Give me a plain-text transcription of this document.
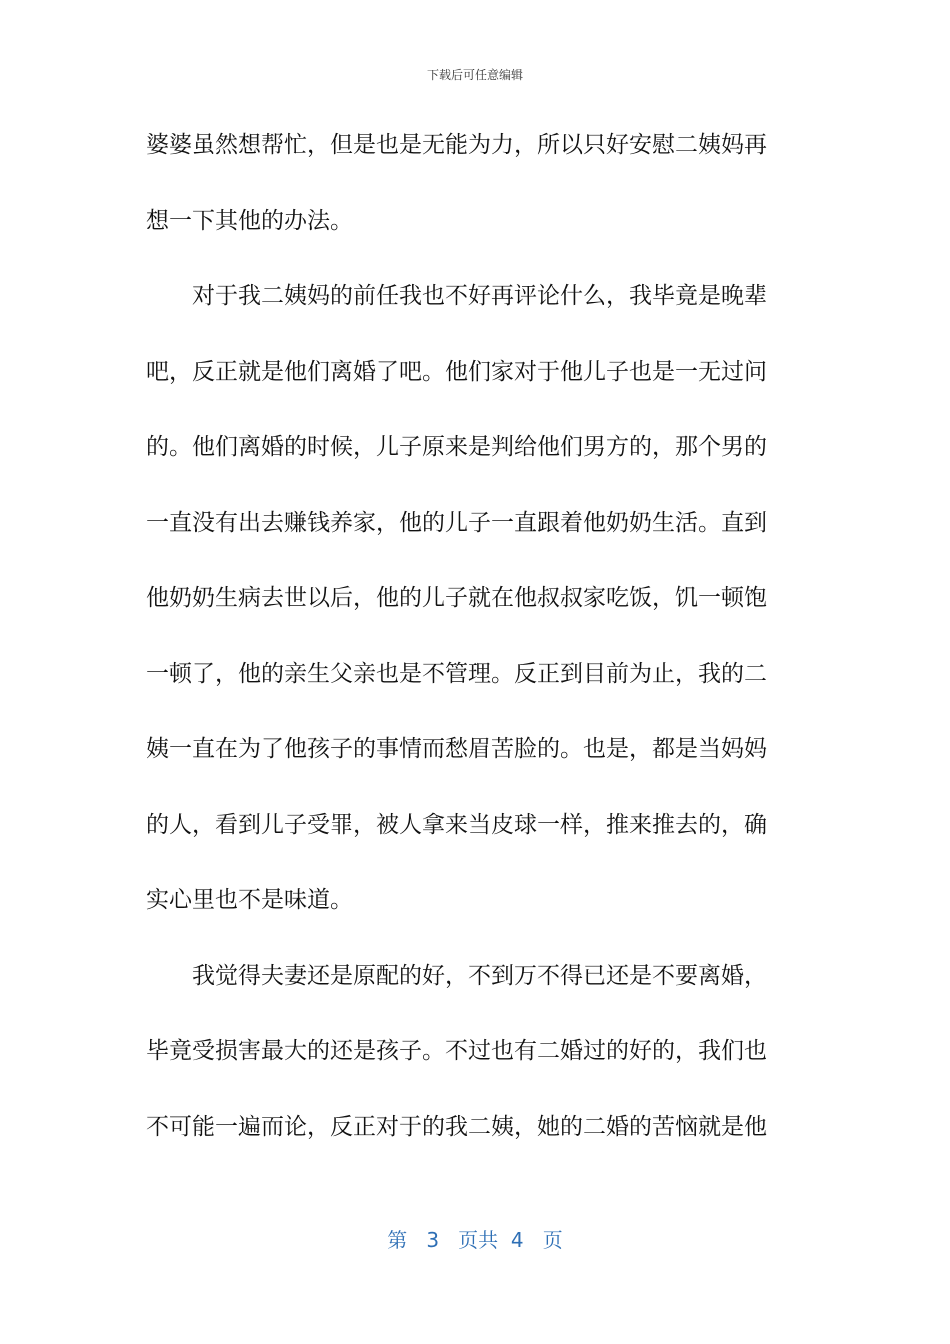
下载后可任意编辑
婆婆虽然想帮忙，但是也是无能为力，所以只好安慰二姨妈再
想一下其他的办法。
对于我二姨妈的前任我也不好再评论什么，我毕竟是晚辈
吧，反正就是他们离婚了吧。他们家对于他儿子也是一无过问
的。他们离婚的时候，儿子原来是判给他们男方的，那个男的
一直没有出去赚钱养家，他的儿子一直跟着他奶奶生活。直到
他奶奶生病去世以后，他的儿子就在他叔叔家吃饭，饥一顿饱
一顿了，他的亲生父亲也是不管理。反正到目前为止，我的二
姨一直在为了他孩子的事情而愁眉苦脸的。也是，都是当妈妈
的人，看到儿子受罪，被人拿来当皮球一样，推来推去的，确
实心里也不是味道。
我觉得夫妻还是原配的好，不到万不得已还是不要离婚，
毕竟受损害最大的还是孩子。不过也有二婚过的好的，我们也
不可能一遍而论，反正对于的我二姨，她的二婚的苦恼就是他
第 3 页共 4 页
